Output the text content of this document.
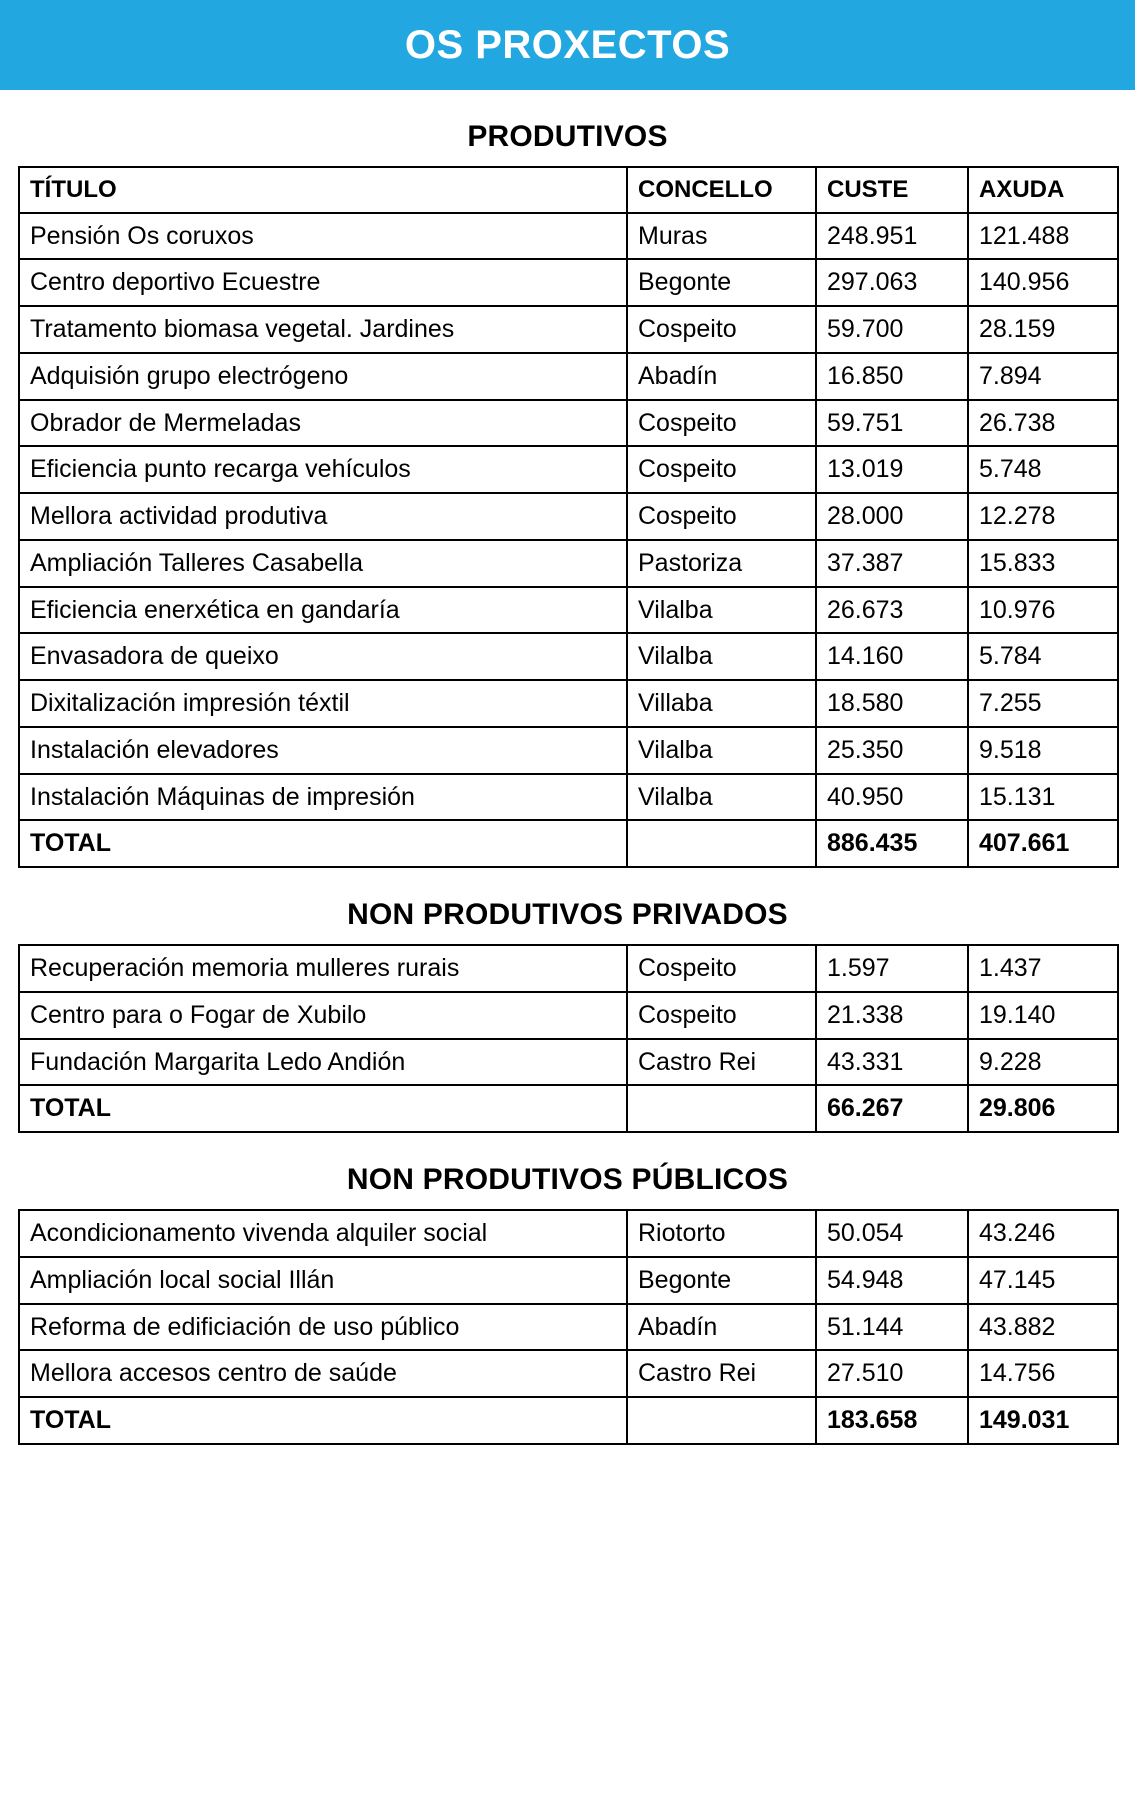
OS PROXECTOS
PRODUTIVOS
TÍTULO	CONCELLO	CUSTE	AXUDA
Pensión Os coruxos	Muras	248.951	121.488
Centro deportivo Ecuestre	Begonte	297.063	140.956
Tratamento biomasa vegetal. Jardines	Cospeito	59.700	28.159
Adquisión grupo electrógeno	Abadín	16.850	7.894
Obrador de Mermeladas	Cospeito	59.751	26.738
Eficiencia punto recarga vehículos	Cospeito	13.019	5.748
Mellora actividad produtiva	Cospeito	28.000	12.278
Ampliación Talleres Casabella	Pastoriza	37.387	15.833
Eficiencia enerxética en gandaría	Vilalba	26.673	10.976
Envasadora de queixo	Vilalba	14.160	5.784
Dixitalización impresión téxtil	Villaba	18.580	7.255
Instalación elevadores	Vilalba	25.350	9.518
Instalación Máquinas de impresión	Vilalba	40.950	15.131
TOTAL		886.435	407.661
NON PRODUTIVOS PRIVADOS
Recuperación memoria mulleres rurais	Cospeito	1.597	1.437
Centro para o Fogar de Xubilo	Cospeito	21.338	19.140
Fundación Margarita Ledo Andión	Castro Rei	43.331	9.228
TOTAL		66.267	29.806
NON PRODUTIVOS PÚBLICOS
Acondicionamento vivenda alquiler social	Riotorto	50.054	43.246
Ampliación local social Illán	Begonte	54.948	47.145
Reforma de edificiación de uso público	Abadín	51.144	43.882
Mellora accesos centro de saúde	Castro Rei	27.510	14.756
TOTAL		183.658	149.031
